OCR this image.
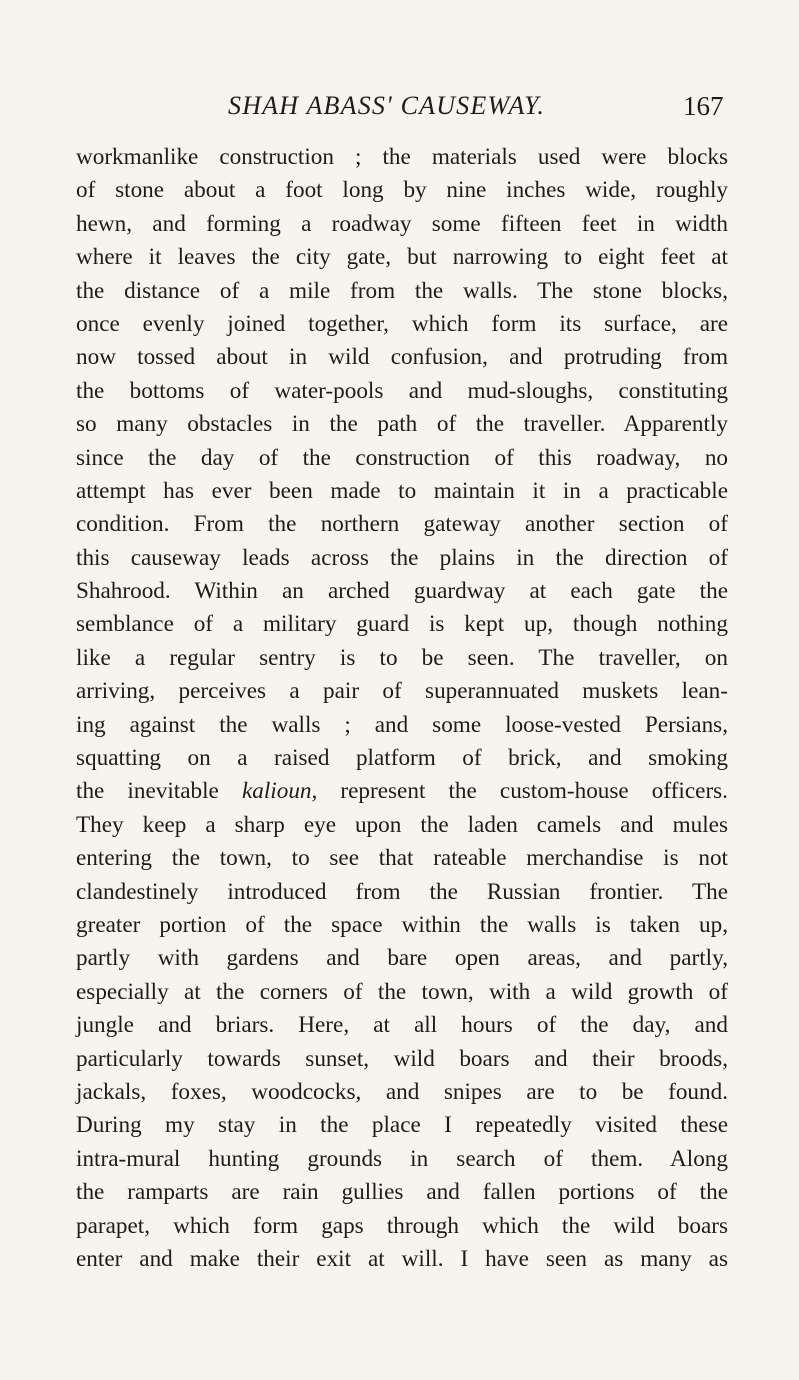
SHAH ABASS' CAUSEWAY.	167
workmanlike construction ; the materials used were blocks
of stone about a foot long by nine inches wide, roughly
hewn, and forming a roadway some fifteen feet in width
where it leaves the city gate, but narrowing to eight feet at
the distance of a mile from the walls. The stone blocks,
once evenly joined together, which form its surface, are
now tossed about in wild confusion, and protruding from
the bottoms of water-pools and mud-sloughs, constituting
so many obstacles in the path of the traveller. Apparently
since the day of the construction of this roadway, no
attempt has ever been made to maintain it in a practicable
condition. From the northern gateway another section of
this causeway leads across the plains in the direction of
Shahrood. Within an arched guardway at each gate the
semblance of a military guard is kept up, though nothing
like a regular sentry is to be seen. The traveller, on
arriving, perceives a pair of superannuated muskets lean-
ing against the walls ; and some loose-vested Persians,
squatting on a raised platform of brick, and smoking
the inevitable kalioun, represent the custom-house officers.
They keep a sharp eye upon the laden camels and mules
entering the town, to see that rateable merchandise is not
clandestinely introduced from the Russian frontier. The
greater portion of the space within the walls is taken up,
partly with gardens and bare open areas, and partly,
especially at the corners of the town, with a wild growth of
jungle and briars. Here, at all hours of the day, and
particularly towards sunset, wild boars and their broods,
jackals, foxes, woodcocks, and snipes are to be found.
During my stay in the place I repeatedly visited these
intra-mural hunting grounds in search of them. Along
the ramparts are rain gullies and fallen portions of the
parapet, which form gaps through which the wild boars
enter and make their exit at will. I have seen as many as
